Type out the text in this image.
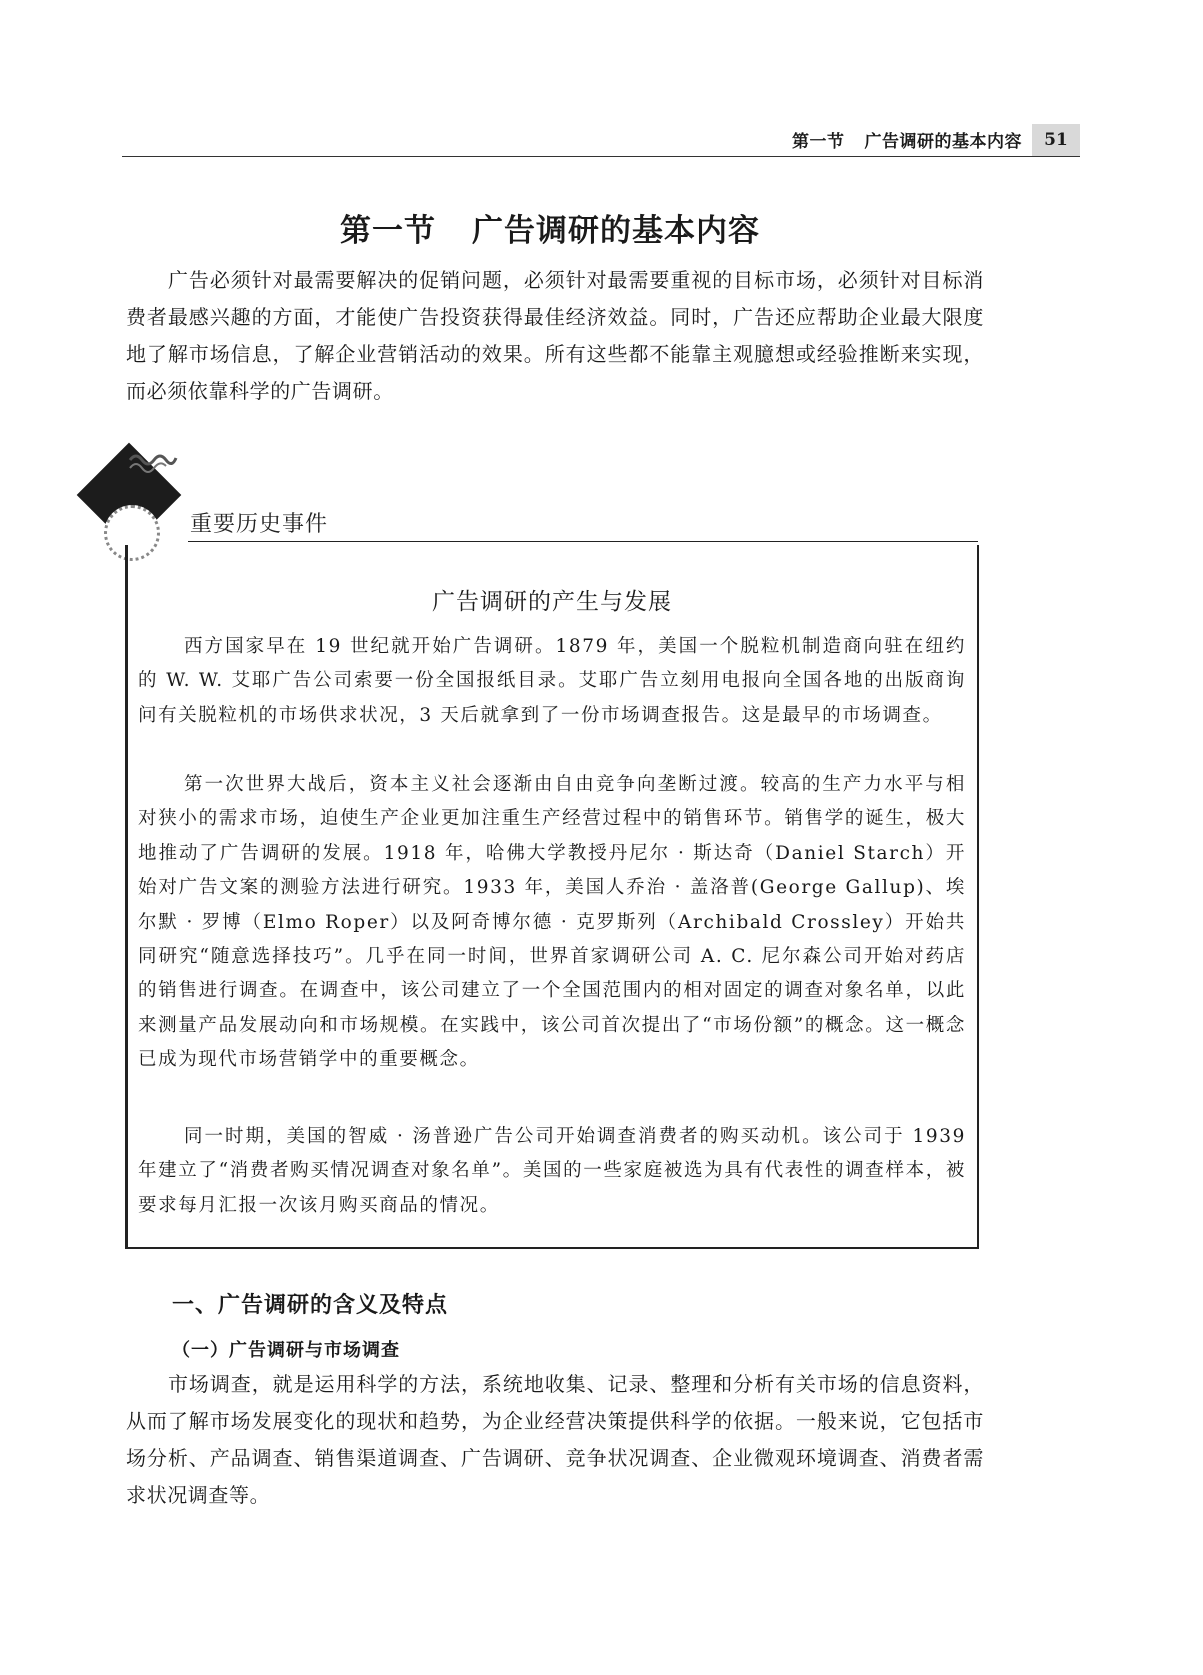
第一节 广告调研的基本内容	51
第一节 广告调研的基本内容

广告必须针对最需要解决的促销问题，必须针对最需要重视的目标市场，必须针对目标消费者最感兴趣的方面，才能使广告投资获得最佳经济效益。同时，广告还应帮助企业最大限度地了解市场信息，了解企业营销活动的效果。所有这些都不能靠主观臆想或经验推断来实现，而必须依靠科学的广告调研。

重要历史事件
广告调研的产生与发展

西方国家早在 19 世纪就开始广告调研。1879 年，美国一个脱粒机制造商向驻在纽约的 W. W. 艾耶广告公司索要一份全国报纸目录。艾耶广告立刻用电报向全国各地的出版商询问有关脱粒机的市场供求状况，3 天后就拿到了一份市场调查报告。这是最早的市场调查。

第一次世界大战后，资本主义社会逐渐由自由竞争向垄断过渡。较高的生产力水平与相对狭小的需求市场，迫使生产企业更加注重生产经营过程中的销售环节。销售学的诞生，极大地推动了广告调研的发展。1918 年，哈佛大学教授丹尼尔 · 斯达奇（Daniel Starch）开始对广告文案的测验方法进行研究。1933 年，美国人乔治 · 盖洛普(George Gallup)、埃尔默 · 罗博（Elmo Roper）以及阿奇博尔德 · 克罗斯列（Archibald Crossley）开始共同研究“随意选择技巧”。几乎在同一时间，世界首家调研公司 A. C. 尼尔森公司开始对药店的销售进行调查。在调查中，该公司建立了一个全国范围内的相对固定的调查对象名单，以此来测量产品发展动向和市场规模。在实践中，该公司首次提出了“市场份额”的概念。这一概念已成为现代市场营销学中的重要概念。

同一时期，美国的智威 · 汤普逊广告公司开始调查消费者的购买动机。该公司于 1939 年建立了“消费者购买情况调查对象名单”。美国的一些家庭被选为具有代表性的调查样本，被要求每月汇报一次该月购买商品的情况。

一、广告调研的含义及特点
（一）广告调研与市场调查

市场调查，就是运用科学的方法，系统地收集、记录、整理和分析有关市场的信息资料，从而了解市场发展变化的现状和趋势，为企业经营决策提供科学的依据。一般来说，它包括市场分析、产品调查、销售渠道调查、广告调研、竞争状况调查、企业微观环境调查、消费者需求状况调查等。
